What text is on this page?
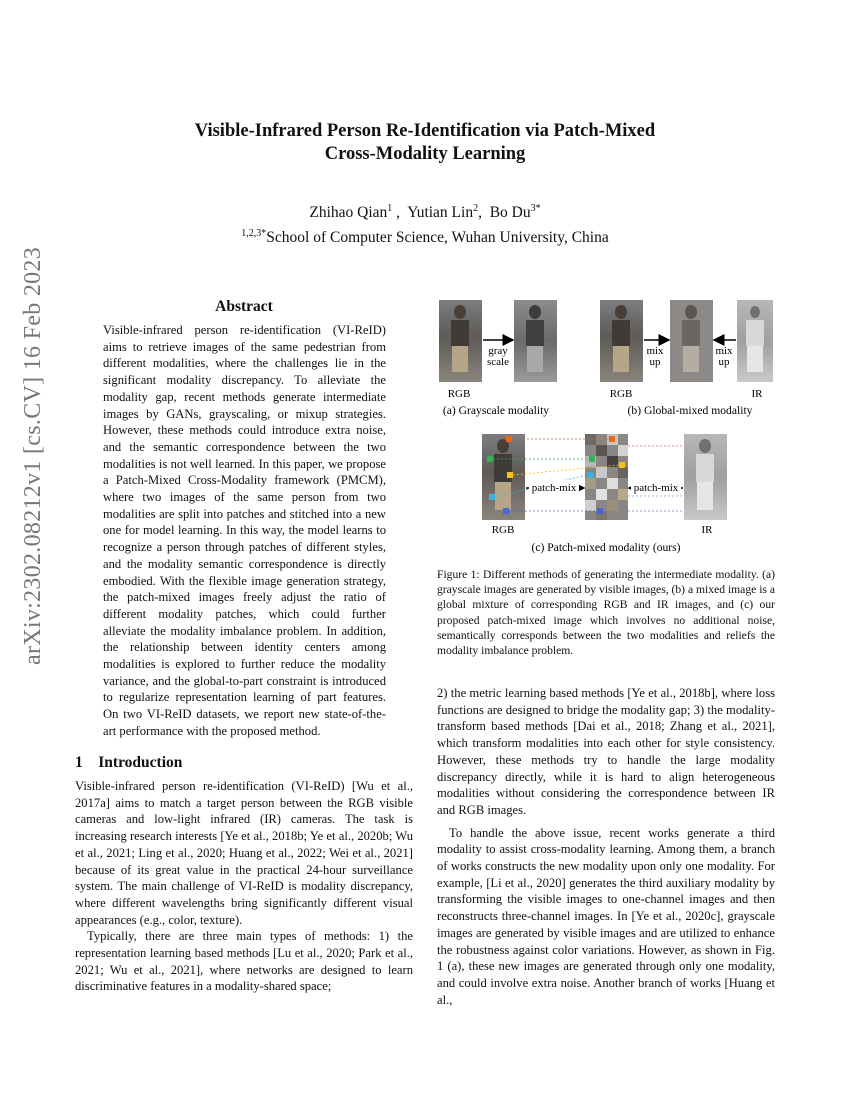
Visible-Infrared Person Re-Identification via Patch-Mixed
Cross-Modality Learning
Zhihao Qian$^1$ ,  Yutian Lin$^2$,  Bo $Du^{3*}$
$^{1,2,3*}$School of Computer Science, Wuhan University, China
arXiv:2302.08212v1 [cs.CV] 16 Feb 2023	Abstract
Visible-infrared person re-identification (VI-ReID) aims to retrieve images of the same pedestrian from different modalities, where the challenges lie in the significant modality discrepancy. To alleviate the modality gap, recent methods generate intermediate images by GANs, grayscaling, or mixup strategies. However, these methods could introduce extra noise, and the semantic correspondence between the two modalities is not well learned. In this paper, we propose a Patch-Mixed Cross-Modality framework (PMCM), where two images of the same person from two modalities are split into patches and stitched into a new one for model learning. In this way, the model learns to recognize a person through patches of different styles, and the modality semantic correspondence is directly embodied. With the flexible image generation strategy, the patch-mixed images freely adjust the ratio of different modality patches, which could further alleviate the modality imbalance problem. In addition, the relationship between identity centers among modalities is explored to further reduce the modality variance, and the global-to-part constraint is introduced to regularize representation learning of part features. On two VI-ReID datasets, we report new state-of-the-art performance with the proposed method.
1    Introduction

Visible-infrared person re-identification (VI-ReID) [Wu et al., 2017a] aims to match a target person between the RGB visible cameras and low-light infrared (IR) cameras. The task is increasing research interests [Ye et al., 2018b; Ye et al., 2020b; Wu et al., 2021; Ling et al., 2020; Huang et al., 2022; Wei et al., 2021] because of its great value in the practical 24-hour surveillance system. The main challenge of VI-ReID is modality discrepancy, where different wavelengths bring significantly different visual appearances (e.g., color, texture).

Typically, there are three main types of methods: 1) the representation learning based methods [Lu et al., 2020; Park et al., 2021; Wu et al., 2021], where networks are designed to learn discriminative features in a modality-shared space;

2) the metric learning based methods [Ye et al., 2018b], where loss functions are designed to bridge the modality gap; 3) the modality-transform based methods [Dai et al., 2018; Zhang et al., 2021], which transform modalities into each other for style consistency. However, these methods try to handle the large modality discrepancy directly, while it is hard to align heterogeneous modalities without considering the correspondence between IR and RGB images.

To handle the above issue, recent works generate a third modality to assist cross-modality learning. Among them, a branch of works constructs the new modality upon only one modality. For example, [Li et al., 2020] generates the third auxiliary modality by transforming the visible images to one-channel images and then reconstructs three-channel images. In [Ye et al., 2020c], grayscale images are generated by visible images and are utilized to enhance the robustness against color variations. However, as shown in Fig. 1 (a), these new images are generated through only one modality, and could involve extra noise. Another branch of works [Huang et al.,

gray
scale
mix
up
mix
up
RGB	RGB	IR
(a) Grayscale modality	(b) Global-mixed modality
patch-mix	patch-mix
RGB	IR
(c) Patch-mixed modality (ours)
Figure 1: Different methods of generating the intermediate modality. (a) grayscale images are generated by visible images, (b) a mixed image is a global mixture of corresponding RGB and IR images, and (c) our proposed patch-mixed image which involves no additional noise, semantically corresponds between the two modalities and reliefs the modality imbalance problem.
